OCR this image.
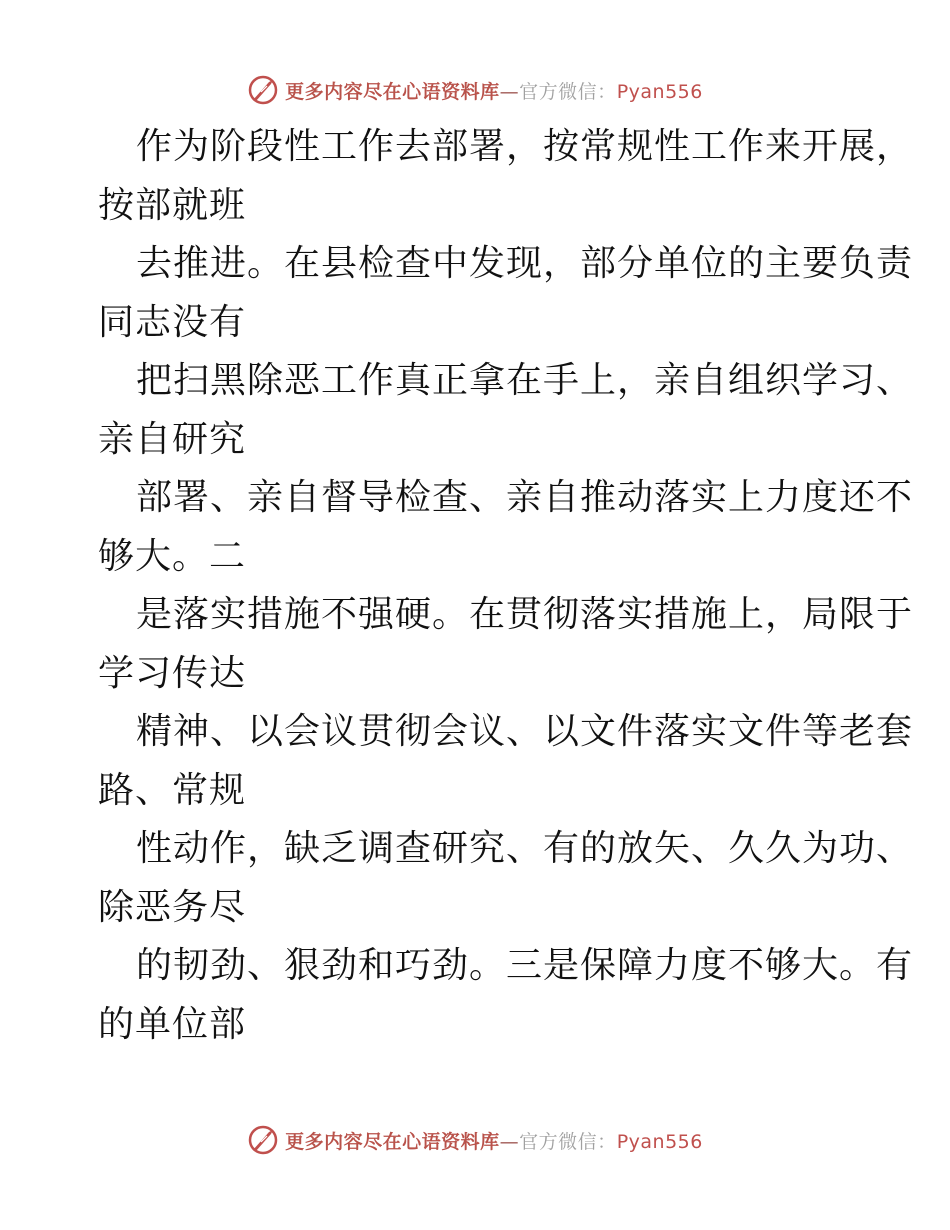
更多内容尽在心语资料库—官方微信：Pyan556
作为阶段性工作去部署，按常规性工作来开展，
按部就班
去推进。在县检查中发现，部分单位的主要负责
同志没有
把扫黑除恶工作真正拿在手上，亲自组织学习、
亲自研究
部署、亲自督导检查、亲自推动落实上力度还不
够大。二
是落实措施不强硬。在贯彻落实措施上，局限于
学习传达
精神、以会议贯彻会议、以文件落实文件等老套
路、常规
性动作，缺乏调查研究、有的放矢、久久为功、
除恶务尽
的韧劲、狠劲和巧劲。三是保障力度不够大。有
的单位部
更多内容尽在心语资料库—官方微信：Pyan556
